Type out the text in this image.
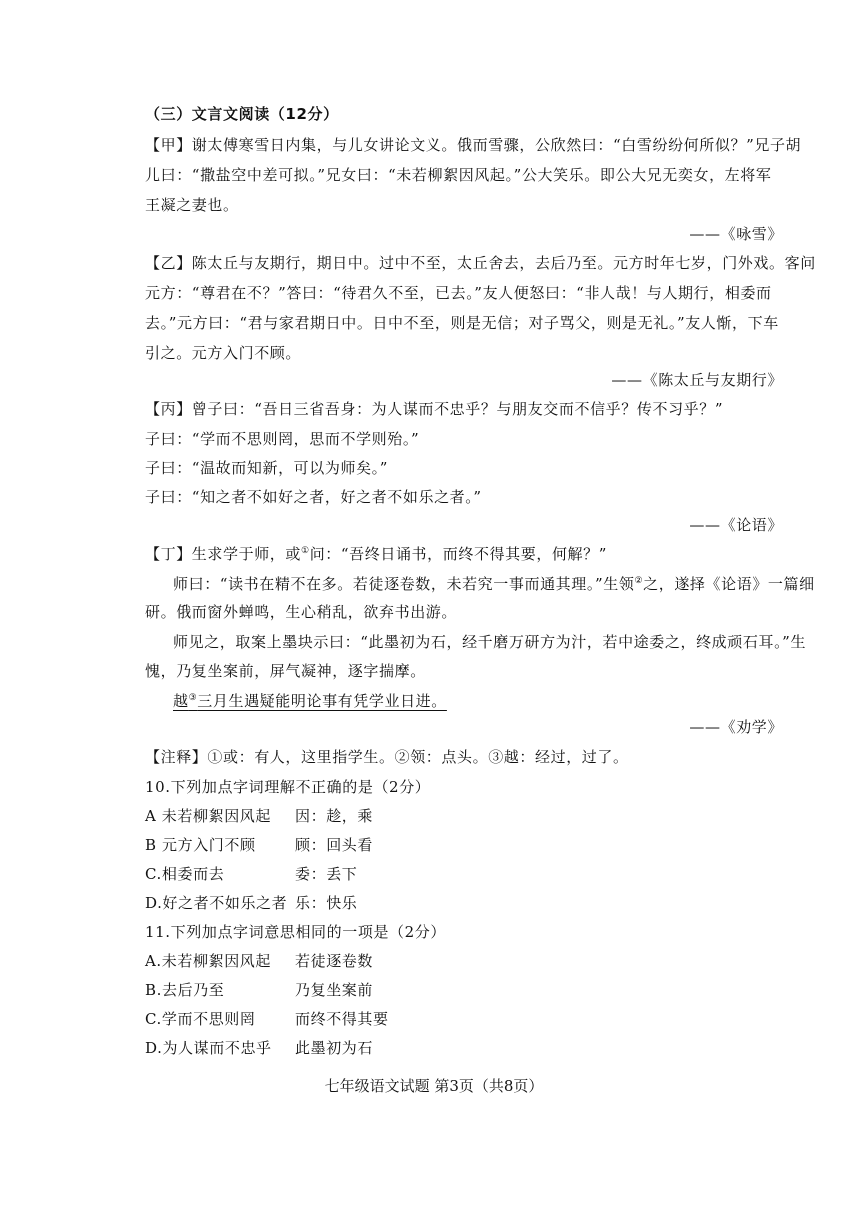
（三）文言文阅读（12分）
【甲】谢太傅寒雪日内集，与儿女讲论文义。俄而雪骤，公欣然曰：“白雪纷纷何所似？”兄子胡
儿曰：“撒盐空中差可拟。”兄女曰：“未若柳絮因风起。”公大笑乐。即公大兄无奕女，左将军
王凝之妻也。
——《咏雪》
【乙】陈太丘与友期行，期日中。过中不至，太丘舍去，去后乃至。元方时年七岁，门外戏。客问
元方：“尊君在不？”答曰：“待君久不至，已去。”友人便怒曰：“非人哉！与人期行，相委而
去。”元方曰：“君与家君期日中。日中不至，则是无信；对子骂父，则是无礼。”友人惭，下车
引之。元方入门不顾。
——《陈太丘与友期行》
【丙】曾子曰：“吾日三省吾身：为人谋而不忠乎？与朋友交而不信乎？传不习乎？”
子曰：“学而不思则罔，思而不学则殆。”
子曰：“温故而知新，可以为师矣。”
子曰：“知之者不如好之者，好之者不如乐之者。”
——《论语》
【丁】生求学于师，或①问：“吾终日诵书，而终不得其要，何解？”
师曰：“读书在精不在多。若徒逐卷数，未若究一事而通其理。”生领②之，遂择《论语》一篇细
研。俄而窗外蝉鸣，生心稍乱，欲弃书出游。
师见之，取案上墨块示曰：“此墨初为石，经千磨万研方为汁，若中途委之，终成顽石耳。”生
愧，乃复坐案前，屏气凝神，逐字揣摩。
越③三月生遇疑能明论事有凭学业日进。
——《劝学》
【注释】①或：有人，这里指学生。②领：点头。③越：经过，过了。
10.下列加点字词理解不正确的是（2分）
A 未若柳絮因风起 因：趁，乘
B 元方入门不顾	顾：回头看
C.相委而去	委：丢下
D.好之者不如乐之者 乐：快乐
11.下列加点字词意思相同的一项是（2分）
A.未若柳絮因风起 若徒逐卷数
B.去后乃至	乃复坐案前
C.学而不思则罔	而终不得其要
D.为人谋而不忠乎 此墨初为石
七年级语文试题 第3页（共8页）
